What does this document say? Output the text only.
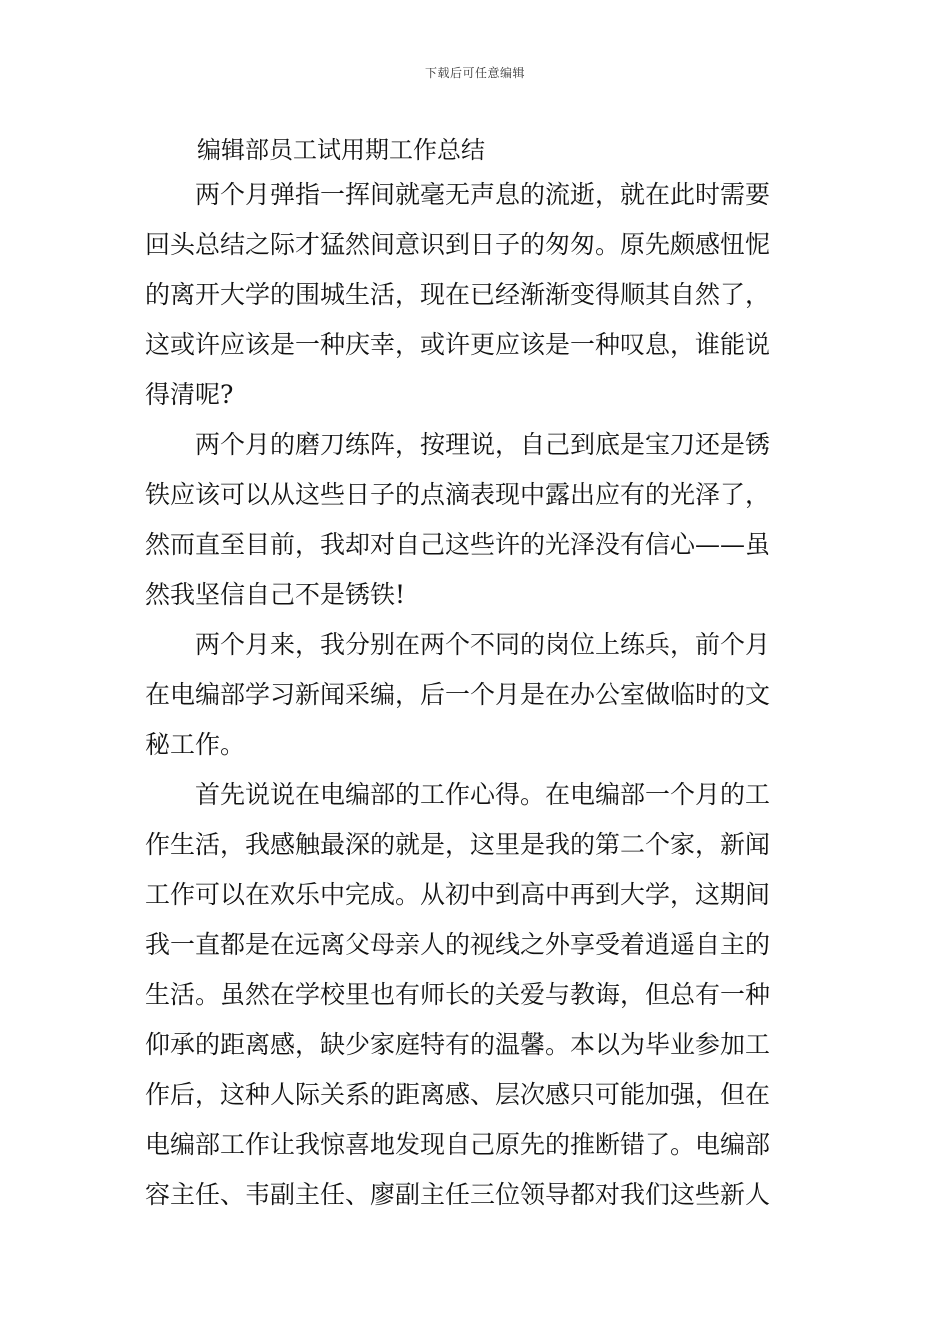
下载后可任意编辑
编辑部员工试用期工作总结
两个月弹指一挥间就毫无声息的流逝，就在此时需要
回头总结之际才猛然间意识到日子的匆匆。原先颇感忸怩
的离开大学的围城生活，现在已经渐渐变得顺其自然了，
这或许应该是一种庆幸，或许更应该是一种叹息，谁能说
得清呢?
两个月的磨刀练阵，按理说，自己到底是宝刀还是锈
铁应该可以从这些日子的点滴表现中露出应有的光泽了，
然而直至目前，我却对自己这些许的光泽没有信心——虽
然我坚信自己不是锈铁!
两个月来，我分别在两个不同的岗位上练兵，前个月
在电编部学习新闻采编，后一个月是在办公室做临时的文
秘工作。
首先说说在电编部的工作心得。在电编部一个月的工
作生活，我感触最深的就是，这里是我的第二个家，新闻
工作可以在欢乐中完成。从初中到高中再到大学，这期间
我一直都是在远离父母亲人的视线之外享受着逍遥自主的
生活。虽然在学校里也有师长的关爱与教诲，但总有一种
仰承的距离感，缺少家庭特有的温馨。本以为毕业参加工
作后，这种人际关系的距离感、层次感只可能加强，但在
电编部工作让我惊喜地发现自己原先的推断错了。电编部
容主任、韦副主任、廖副主任三位领导都对我们这些新人
